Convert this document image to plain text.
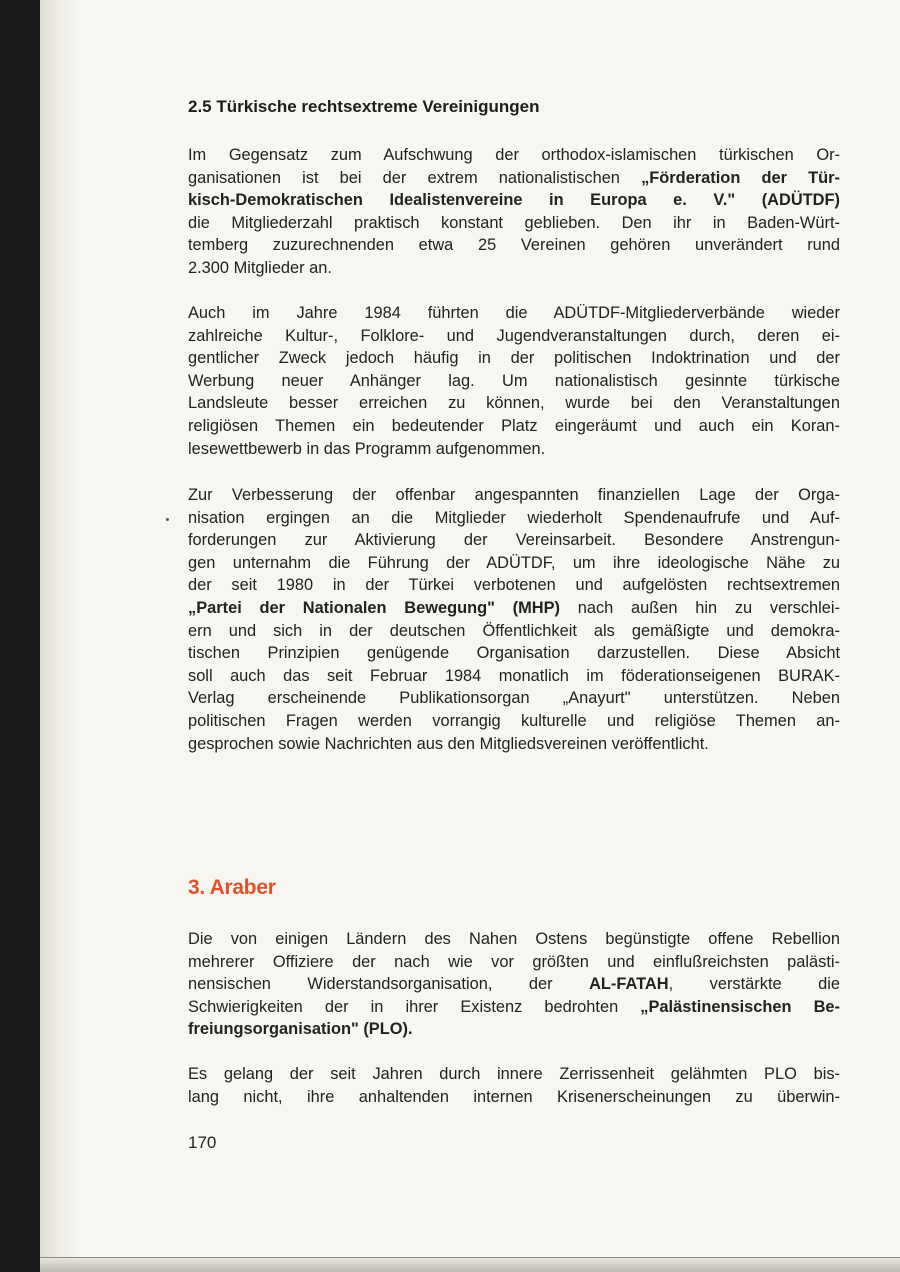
2.5 Türkische rechtsextreme Vereinigungen

Im Gegensatz zum Aufschwung der orthodox-islamischen türkischen Or-
ganisationen ist bei der extrem nationalistischen „Förderation der Tür-
kisch-Demokratischen Idealistenvereine in Europa e. V." (ADÜTDF)
die Mitgliederzahl praktisch konstant geblieben. Den ihr in Baden-Würt-
temberg zuzurechnenden etwa 25 Vereinen gehören unverändert rund
2.300 Mitglieder an.

Auch im Jahre 1984 führten die ADÜTDF-Mitgliederverbände wieder
zahlreiche Kultur-, Folklore- und Jugendveranstaltungen durch, deren ei-
gentlicher Zweck jedoch häufig in der politischen Indoktrination und der
Werbung neuer Anhänger lag. Um nationalistisch gesinnte türkische
Landsleute besser erreichen zu können, wurde bei den Veranstaltungen
religiösen Themen ein bedeutender Platz eingeräumt und auch ein Koran-
lesewettbewerb in das Programm aufgenommen.

Zur Verbesserung der offenbar angespannten finanziellen Lage der Orga-
nisation ergingen an die Mitglieder wiederholt Spendenaufrufe und Auf-
forderungen zur Aktivierung der Vereinsarbeit. Besondere Anstrengun-
gen unternahm die Führung der ADÜTDF, um ihre ideologische Nähe zu
der seit 1980 in der Türkei verbotenen und aufgelösten rechtsextremen
„Partei der Nationalen Bewegung" (MHP) nach außen hin zu verschlei-
ern und sich in der deutschen Öffentlichkeit als gemäßigte und demokra-
tischen Prinzipien genügende Organisation darzustellen. Diese Absicht
soll auch das seit Februar 1984 monatlich im föderationseigenen BURAK-
Verlag erscheinende Publikationsorgan „Anayurt" unterstützen. Neben
politischen Fragen werden vorrangig kulturelle und religiöse Themen an-
gesprochen sowie Nachrichten aus den Mitgliedsvereinen veröffentlicht.

3. Araber

Die von einigen Ländern des Nahen Ostens begünstigte offene Rebellion
mehrerer Offiziere der nach wie vor größten und einflußreichsten palästi-
nensischen Widerstandsorganisation, der AL-FATAH, verstärkte die
Schwierigkeiten der in ihrer Existenz bedrohten „Palästinensischen Be-
freiungsorganisation" (PLO).

Es gelang der seit Jahren durch innere Zerrissenheit gelähmten PLO bis-
lang nicht, ihre anhaltenden internen Krisenerscheinungen zu überwin-

170
